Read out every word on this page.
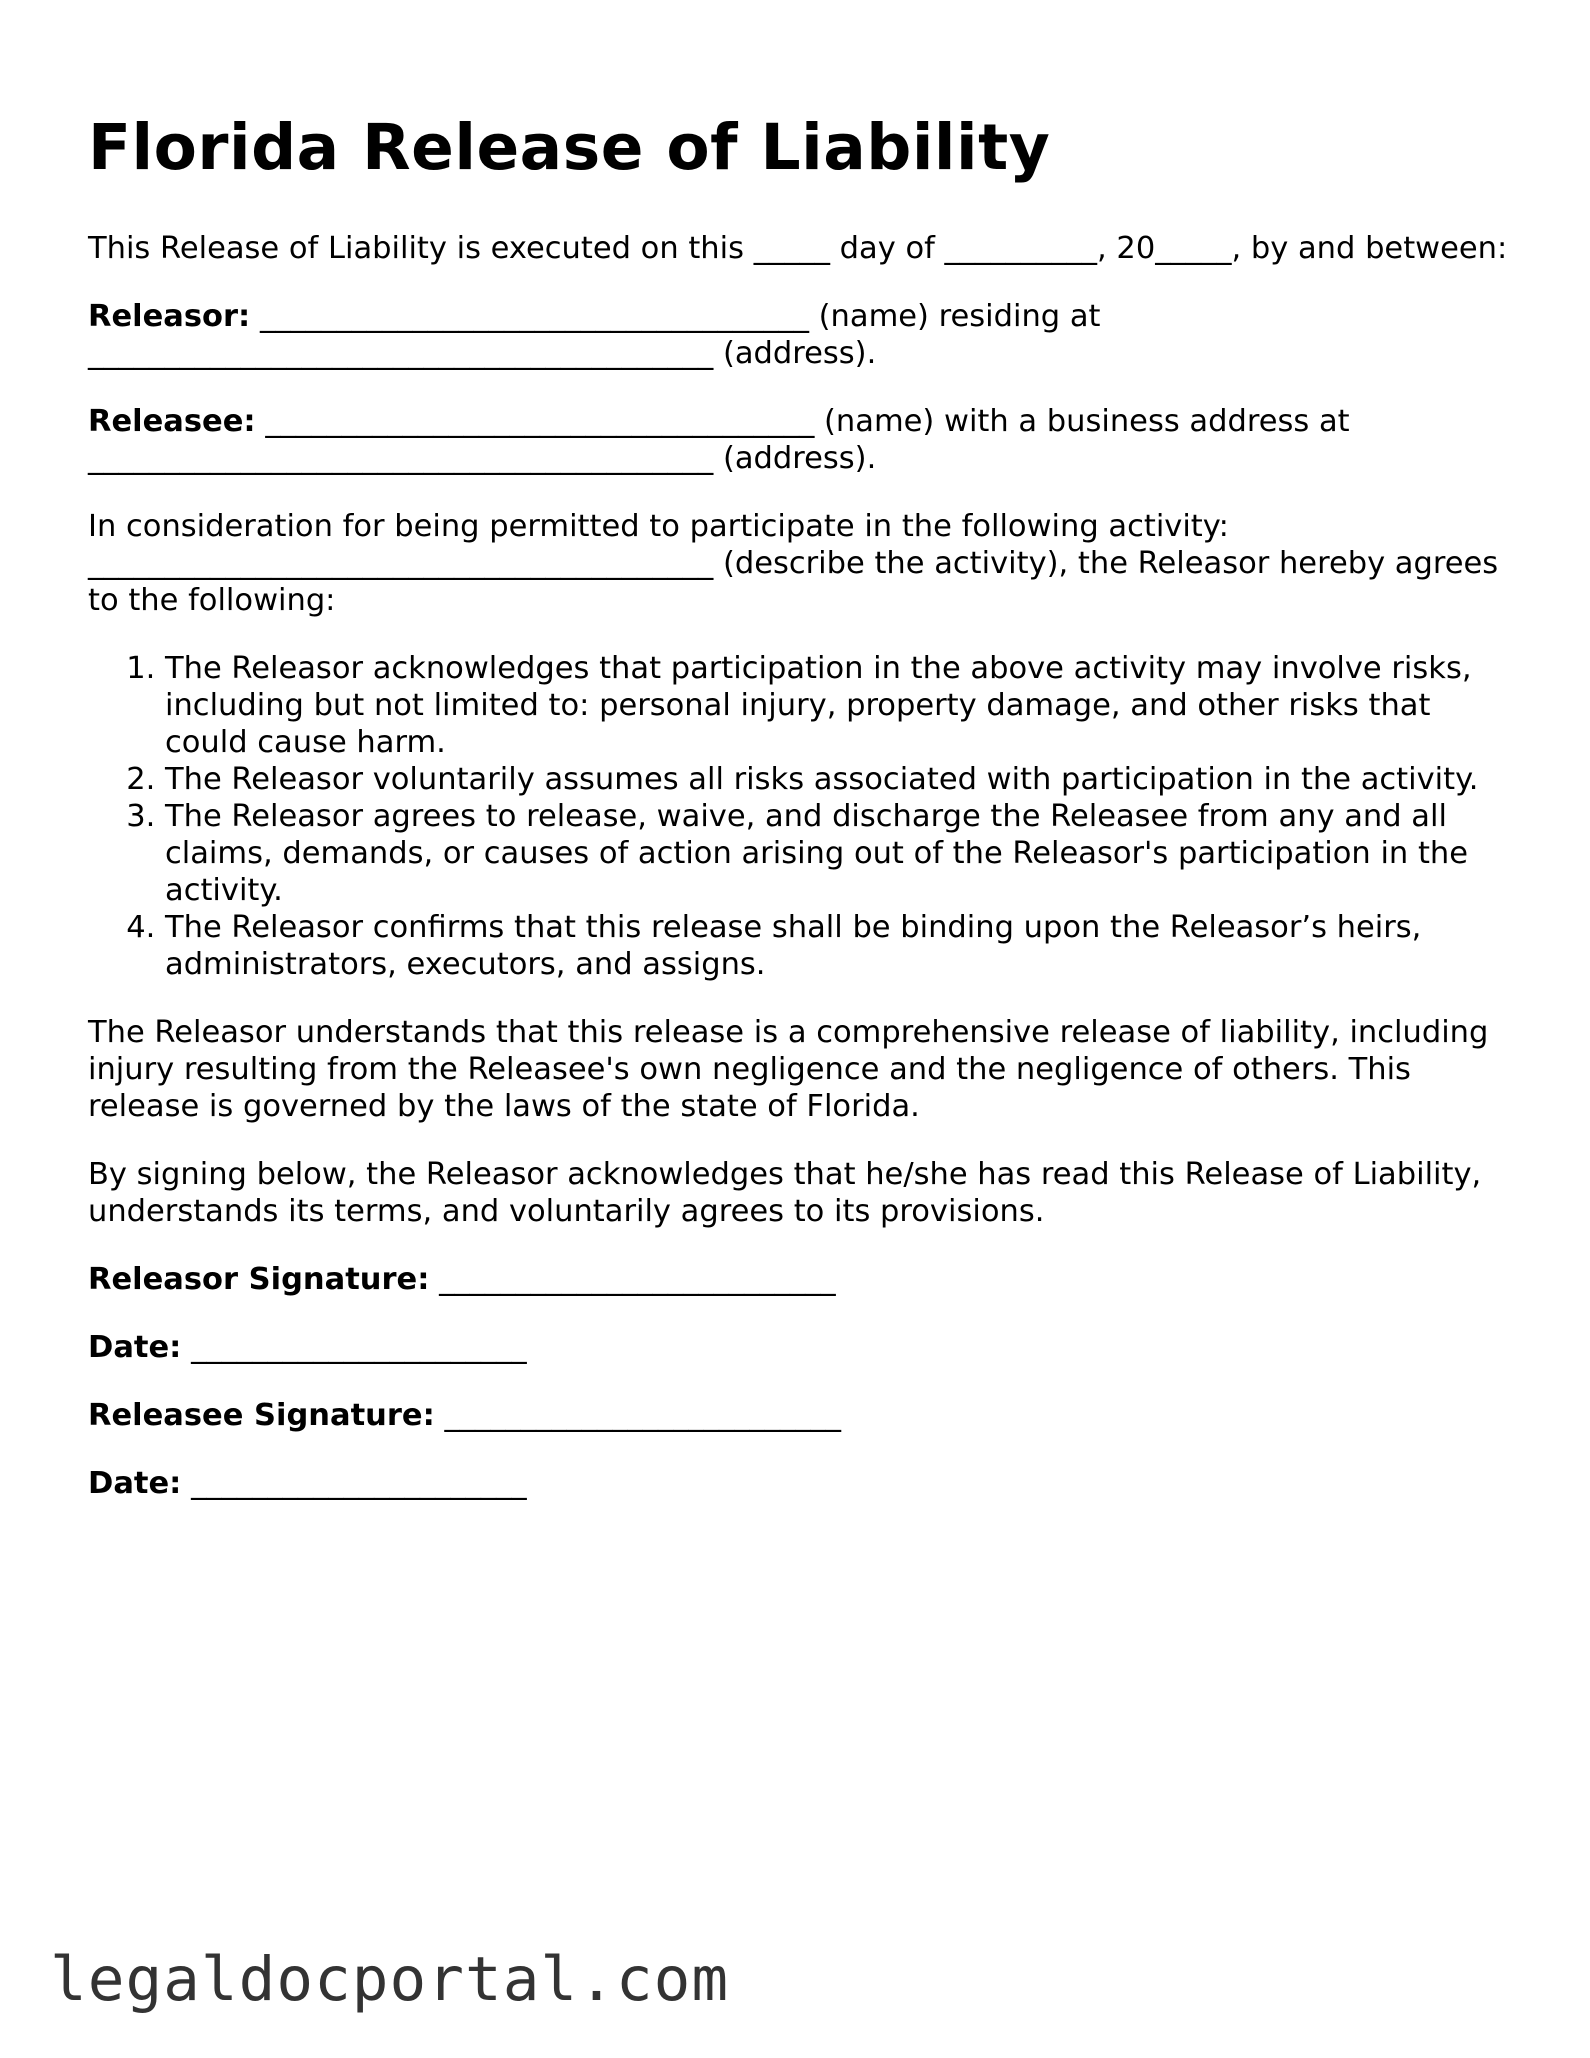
Florida Release of Liability

This Release of Liability is executed on this _____ day of __________, 20_____, by and between:

Releasor: ____________________________________ (name) residing at _________________________________________ (address).

Releasee: ____________________________________ (name) with a business address at _________________________________________ (address).

In consideration for being permitted to participate in the following activity: _________________________________________ (describe the activity), the Releasor hereby agrees to the following:

1. The Releasor acknowledges that participation in the above activity may involve risks, including but not limited to: personal injury, property damage, and other risks that could cause harm.
2. The Releasor voluntarily assumes all risks associated with participation in the activity.
3. The Releasor agrees to release, waive, and discharge the Releasee from any and all claims, demands, or causes of action arising out of the Releasor's participation in the activity.
4. The Releasor confirms that this release shall be binding upon the Releasor’s heirs, administrators, executors, and assigns.

The Releasor understands that this release is a comprehensive release of liability, including injury resulting from the Releasee's own negligence and the negligence of others. This release is governed by the laws of the state of Florida.

By signing below, the Releasor acknowledges that he/she has read this Release of Liability, understands its terms, and voluntarily agrees to its provisions.

Releasor Signature: __________________________
Date: ______________________
Releasee Signature: __________________________
Date: ______________________
legaldocportal.com
